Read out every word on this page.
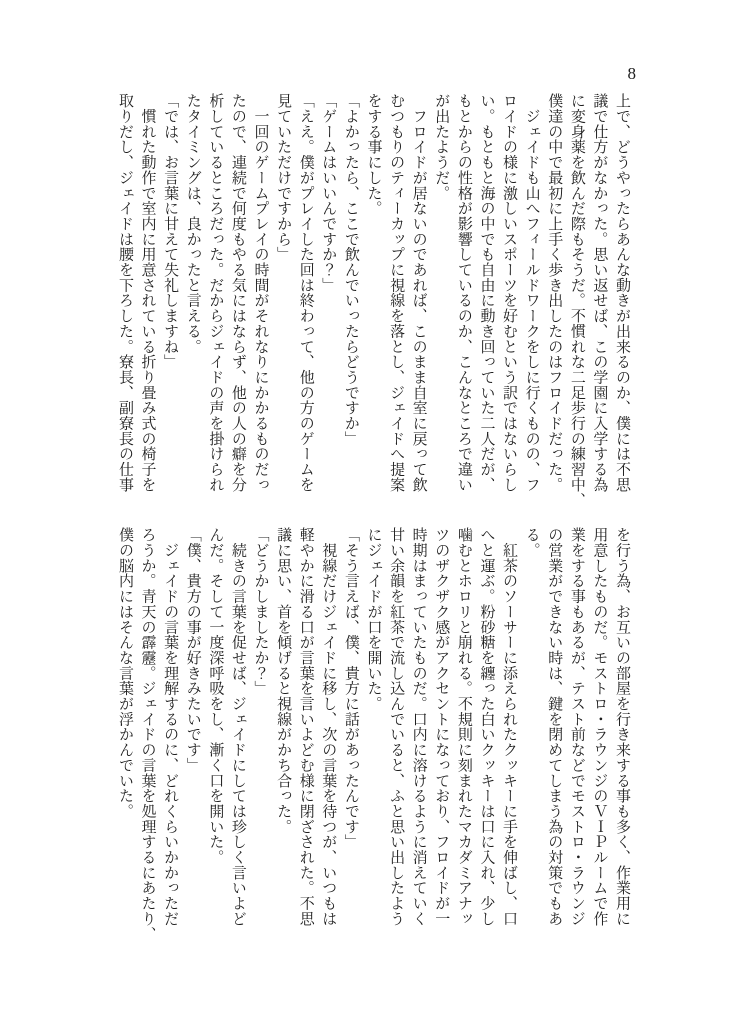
8
上で、どうやったらあんな動きが出来るのか、僕には不思
議で仕方がなかった。思い返せば、この学園に入学する為
に変身薬を飲んだ際もそうだ。不慣れな二足歩行の練習中、
僕達の中で最初に上手く歩き出したのはフロイドだった。
　ジェイドも山へフィールドワークをしに行くものの、フ
ロイドの様に激しいスポーツを好むという訳ではないらし
い。もともと海の中でも自由に動き回っていた二人だが、
もとからの性格が影響しているのか、こんなところで違い
が出たようだ。
　フロイドが居ないのであれば、このまま自室に戻って飲
むつもりのティーカップに視線を落とし、ジェイドへ提案
をする事にした。
「よかったら、ここで飲んでいったらどうですか」
「ゲームはいいんですか？」
「ええ。僕がプレイした回は終わって、他の方のゲームを
見ていただけですから」
　一回のゲームプレイの時間がそれなりにかかるものだっ
たので、連続で何度もやる気にはならず、他の人の癖を分
析しているところだった。だからジェイドの声を掛けられ
たタイミングは、良かったと言える。
「では、お言葉に甘えて失礼しますね」
　慣れた動作で室内に用意されている折り畳み式の椅子を
取りだし、ジェイドは腰を下ろした。寮長、副寮長の仕事
を行う為、お互いの部屋を行き来する事も多く、作業用に
用意したものだ。モストロ・ラウンジのＶＩＰルームで作
業をする事もあるが、テスト前などでモストロ・ラウンジ
の営業ができない時は、鍵を閉めてしまう為の対策でもあ
る。
　紅茶のソーサーに添えられたクッキーに手を伸ばし、口
へと運ぶ。粉砂糖を纏った白いクッキーは口に入れ、少し
噛むとホロリと崩れる。不規則に刻まれたマカダミアナッ
ツのザクザク感がアクセントになっており、フロイドが一
時期はまっていたものだ。口内に溶けるように消えていく
甘い余韻を紅茶で流し込んでいると、ふと思い出したよう
にジェイドが口を開いた。
「そう言えば、僕、貴方に話があったんです」
　視線だけジェイドに移し、次の言葉を待つが、いつもは
軽やかに滑る口が言葉を言いよどむ様に閉ざされた。不思
議に思い、首を傾げると視線がかち合った。
「どうかしましたか？」
　続きの言葉を促せば、ジェイドにしては珍しく言いよど
んだ。そして一度深呼吸をし、漸く口を開いた。
「僕、貴方の事が好きみたいです」
　ジェイドの言葉を理解するのに、どれくらいかかっただ
ろうか。青天の霹靂。ジェイドの言葉を処理するにあたり、
僕の脳内にはそんな言葉が浮かんでいた。
